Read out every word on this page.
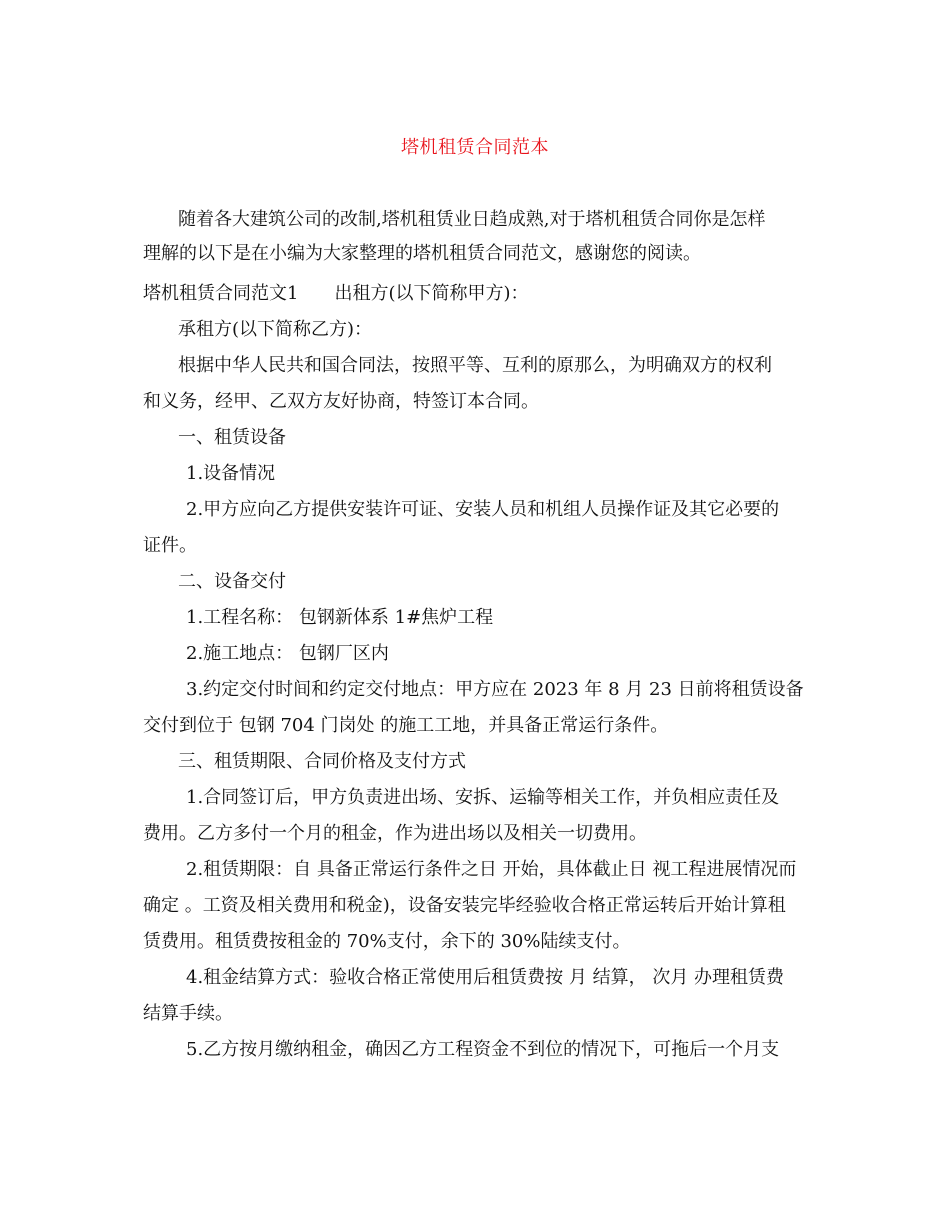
塔机租赁合同范本
随着各大建筑公司的改制,塔机租赁业日趋成熟,对于塔机租赁合同你是怎样
理解的以下是在小编为大家整理的塔机租赁合同范文，感谢您的阅读。
塔机租赁合同范文1　　出租方(以下简称甲方)：
承租方(以下简称乙方)：
根据中华人民共和国合同法，按照平等、互利的原那么，为明确双方的权利
和义务，经甲、乙双方友好协商，特签订本合同。
一、租赁设备
1.设备情况
2.甲方应向乙方提供安装许可证、安装人员和机组人员操作证及其它必要的
证件。
二、设备交付
1.工程名称： 包钢新体系 1#焦炉工程
2.施工地点： 包钢厂区内
3.约定交付时间和约定交付地点：甲方应在 2023 年 8 月 23 日前将租赁设备
交付到位于 包钢 704 门岗处 的施工工地，并具备正常运行条件。
三、租赁期限、合同价格及支付方式
1.合同签订后，甲方负责进出场、安拆、运输等相关工作，并负相应责任及
费用。乙方多付一个月的租金，作为进出场以及相关一切费用。
2.租赁期限：自 具备正常运行条件之日 开始，具体截止日 视工程进展情况而
确定 。工资及相关费用和税金)，设备安装完毕经验收合格正常运转后开始计算租
赁费用。租赁费按租金的 70%支付，余下的 30%陆续支付。
4.租金结算方式：验收合格正常使用后租赁费按 月 结算， 次月 办理租赁费
结算手续。
5.乙方按月缴纳租金，确因乙方工程资金不到位的情况下，可拖后一个月支
